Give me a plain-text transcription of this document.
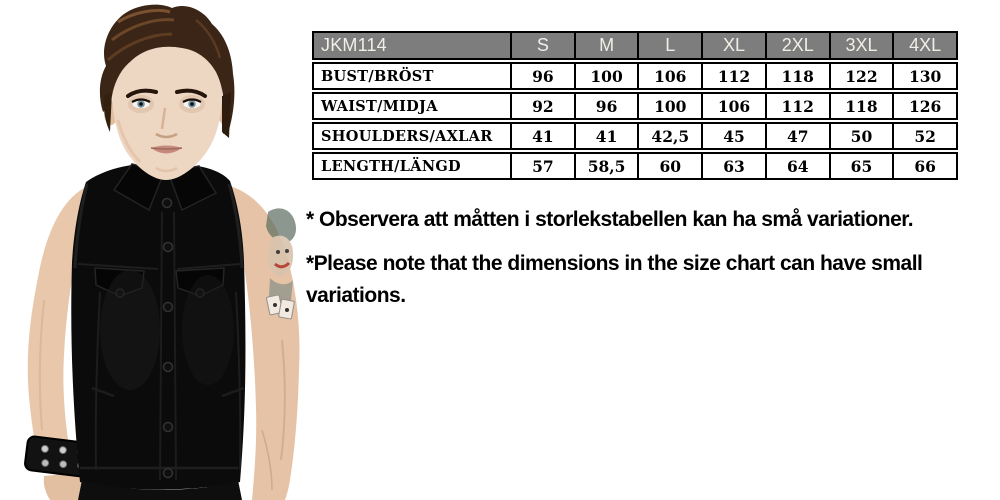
JKM114	S	M	L	XL	2XL	3XL	4XL
BUST/BRÖST	96	100	106	112	118	122	130
WAIST/MIDJA	92	96	100	106	112	118	126
SHOULDERS/AXLAR	41	41	42,5	45	47	50	52
LENGTH/LÄNGD	57	58,5	60	63	64	65	66

* Observera att måtten i storlekstabellen kan ha små variationer.

*Please note that the dimensions in the size chart can have small
variations.
